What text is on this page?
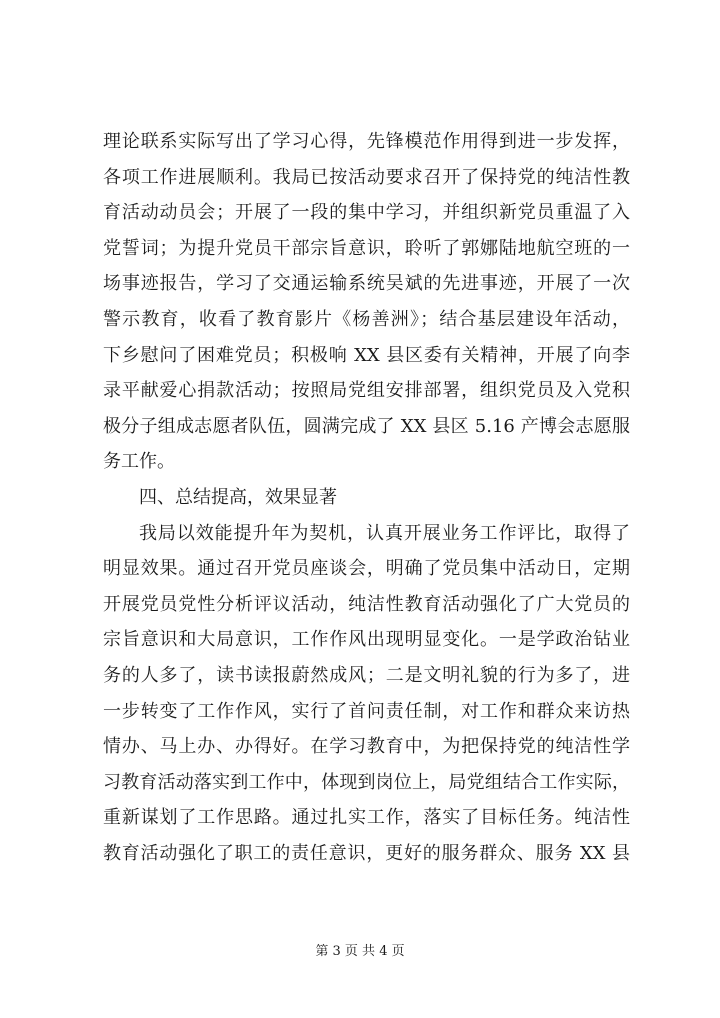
理论联系实际写出了学习心得，先锋模范作用得到进一步发挥，
各项工作进展顺利。我局已按活动要求召开了保持党的纯洁性教
育活动动员会；开展了一段的集中学习，并组织新党员重温了入
党誓词；为提升党员干部宗旨意识，聆听了郭娜陆地航空班的一
场事迹报告，学习了交通运输系统吴斌的先进事迹，开展了一次
警示教育，收看了教育影片《杨善洲》；结合基层建设年活动，
下乡慰问了困难党员；积极响 XX 县区委有关精神，开展了向李
录平献爱心捐款活动；按照局党组安排部署，组织党员及入党积
极分子组成志愿者队伍，圆满完成了 XX 县区 5.16 产博会志愿服
务工作。
四、总结提高，效果显著
我局以效能提升年为契机，认真开展业务工作评比，取得了
明显效果。通过召开党员座谈会，明确了党员集中活动日，定期
开展党员党性分析评议活动，纯洁性教育活动强化了广大党员的
宗旨意识和大局意识，工作作风出现明显变化。一是学政治钻业
务的人多了，读书读报蔚然成风；二是文明礼貌的行为多了，进
一步转变了工作作风，实行了首问责任制，对工作和群众来访热
情办、马上办、办得好。在学习教育中，为把保持党的纯洁性学
习教育活动落实到工作中，体现到岗位上，局党组结合工作实际，
重新谋划了工作思路。通过扎实工作，落实了目标任务。纯洁性
教育活动强化了职工的责任意识，更好的服务群众、服务 XX 县
第 3 页 共 4 页
